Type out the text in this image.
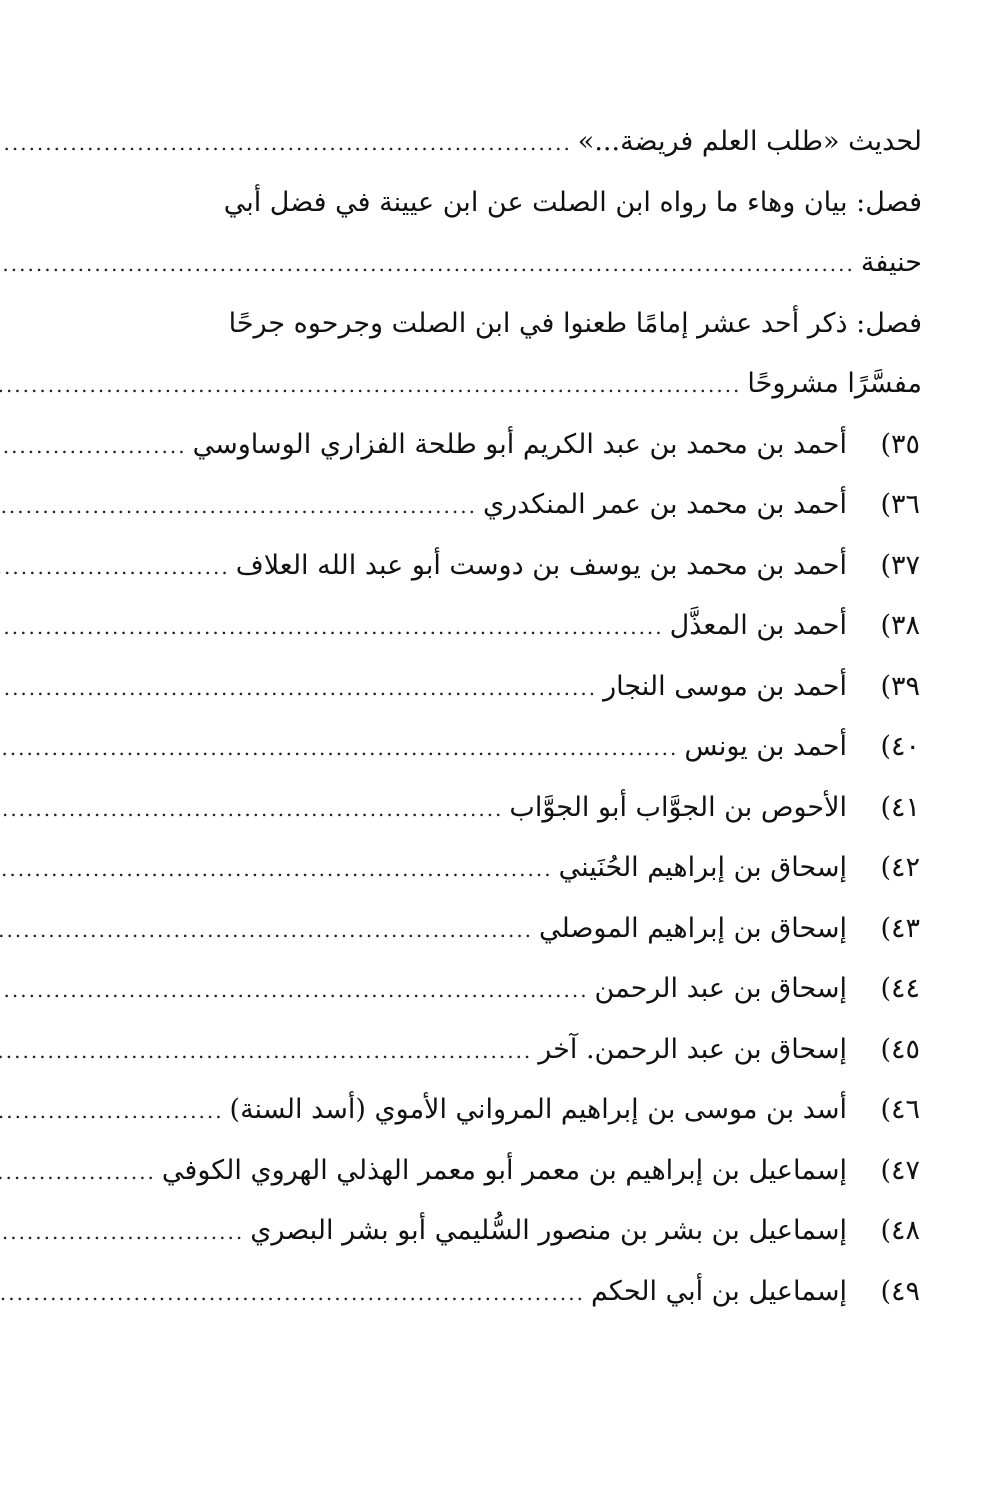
لحديث «طلب العلم فريضة...»
.....
فصل: بيان وهاء ما رواه ابن الصلت عن ابن عيينة في فضل أبي
حنيفة
.....
فصل: ذكر أحد عشر إمامًا طعنوا في ابن الصلت وجرحوه جرحًا
مفسَّرًا مشروحًا
.....
٣٥)
أحمد بن محمد بن عبد الكريم أبو طلحة الفزاري الوساوسي
.....
٣٦)
أحمد بن محمد بن عمر المنكدري
.....
٣٧)
أحمد بن محمد بن يوسف بن دوست أبو عبد الله العلاف
.....
٣٨)
أحمد بن المعذَّل
.....
٣٩)
أحمد بن موسى النجار
.....
٤٠)
أحمد بن يونس
.....
٤١)
الأحوص بن الجوَّاب أبو الجوَّاب
.....
٤٢)
إسحاق بن إبراهيم الحُنَيني
.....
٤٣)
إسحاق بن إبراهيم الموصلي
.....
٤٤)
إسحاق بن عبد الرحمن
.....
٤٥)
إسحاق بن عبد الرحمن. آخر
.....
٤٦)
أسد بن موسى بن إبراهيم المرواني الأموي (أسد السنة)
.....
٤٧)
إسماعيل بن إبراهيم بن معمر أبو معمر الهذلي الهروي الكوفي
.....
٤٨)
إسماعيل بن بشر بن منصور السُّليمي أبو بشر البصري
.....
٤٩)
إسماعيل بن أبي الحكم
.....
